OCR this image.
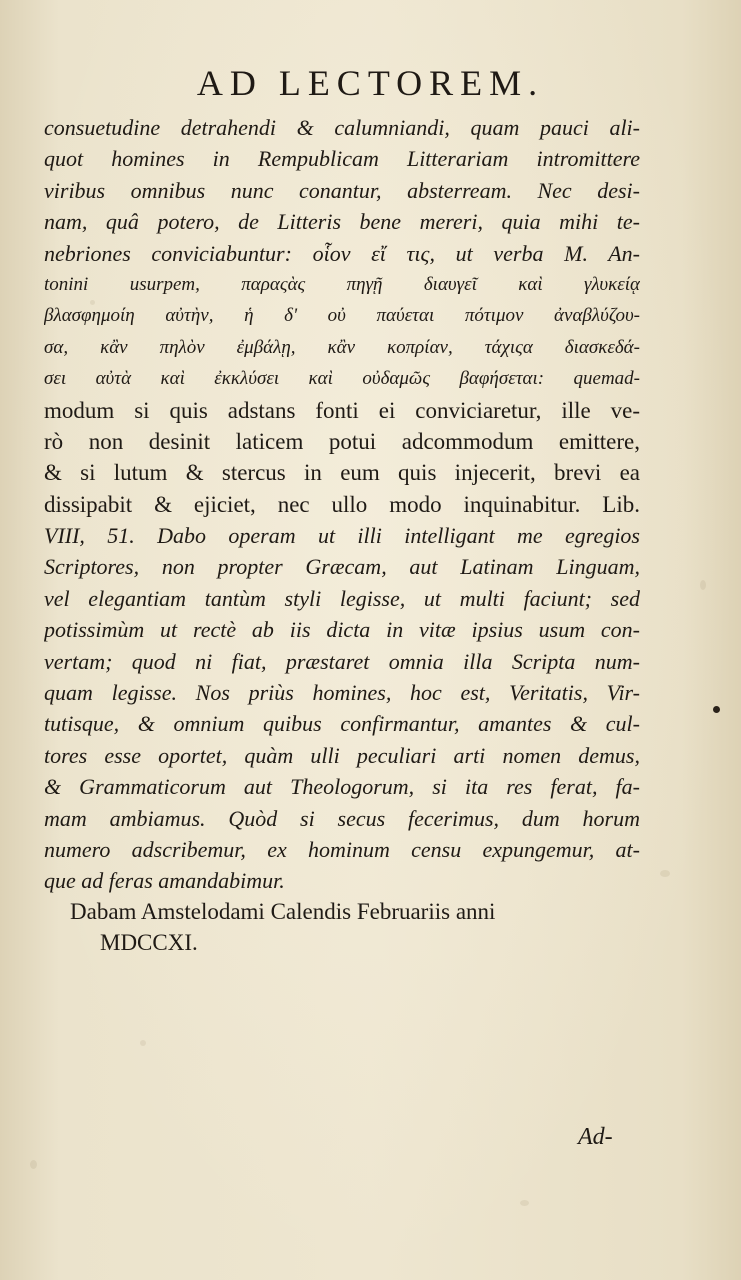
AD LECTOREM.
consuetudine detrahendi & calumniandi, quam pauci ali-
quot homines in Rempublicam Litterariam intromittere
viribus omnibus nunc conantur, absterream. Nec desi-
nam, quâ potero, de Litteris bene mereri, quia mihi te-
nebriones conviciabuntur: οἷον εἴ τις, ut verba M. An-
tonini usurpem, παραςὰς πηγῇ διαυγεῖ καὶ γλυκείᾳ
βλασφημοίη αὐτὴν, ἡ δ' οὐ παύεται πότιμον ἀναβλύζου-
σα, κἂν πηλὸν ἐμβάλῃ, κἂν κοπρίαν, τάχιςα διασκεδά-
σει αὐτὰ καὶ ἐκκλύσει καὶ οὐδαμῶς βαφήσεται: quemad-
modum si quis adstans fonti ei conviciaretur, ille ve-
rò non desinit laticem potui adcommodum emittere,
& si lutum & stercus in eum quis injecerit, brevi ea
dissipabit & ejiciet, nec ullo modo inquinabitur. Lib.
VIII, 51. Dabo operam ut illi intelligant me egregios
Scriptores, non propter Græcam, aut Latinam Linguam,
vel elegantiam tantùm styli legisse, ut multi faciunt; sed
potissimùm ut rectè ab iis dicta in vitæ ipsius usum con-
vertam; quod ni fiat, præstaret omnia illa Scripta num-
quam legisse. Nos priùs homines, hoc est, Veritatis, Vir-
tutisque, & omnium quibus confirmantur, amantes & cul-
tores esse oportet, quàm ulli peculiari arti nomen demus,
& Grammaticorum aut Theologorum, si ita res ferat, fa-
mam ambiamus. Quòd si secus fecerimus, dum horum
numero adscribemur, ex hominum censu expungemur, at-
que ad feras amandabimur.
Dabam Amstelodami Calendis Februariis anni
MDCCXI.
Ad-
